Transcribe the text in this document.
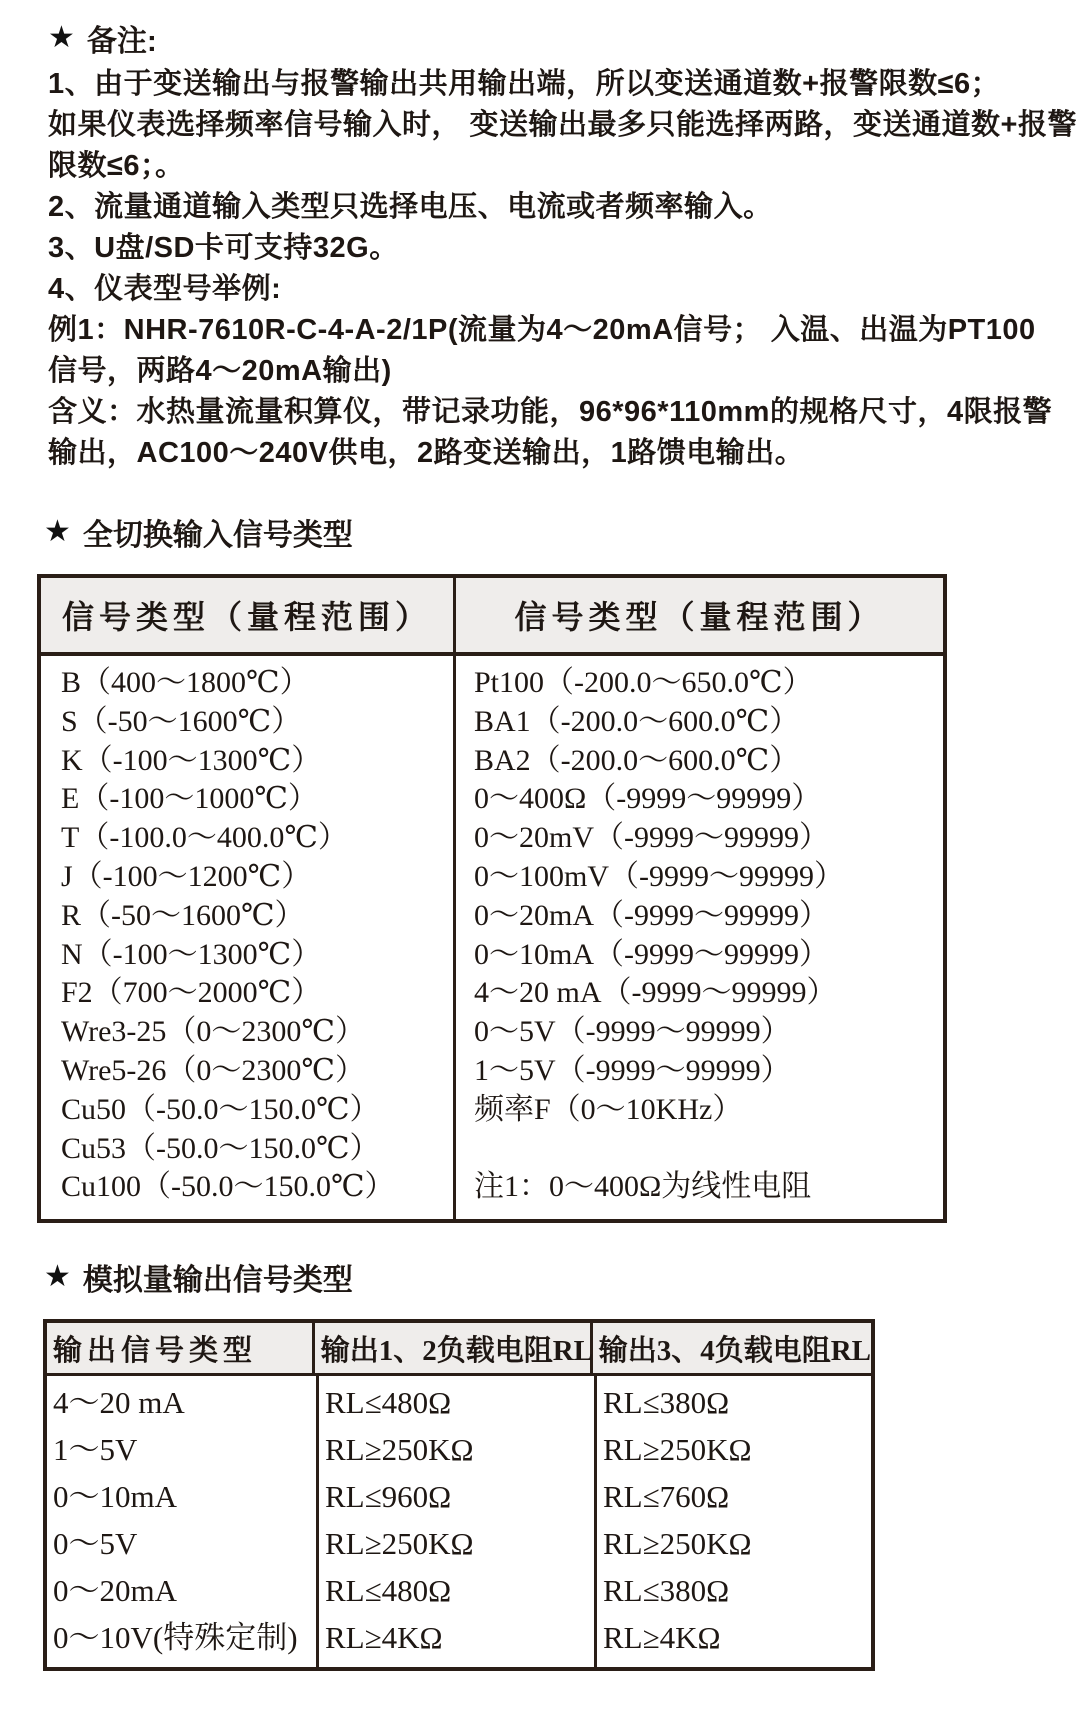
★ 备注:

1、由于变送输出与报警输出共用输出端，所以变送通道数+报警限数≤6；

如果仪表选择频率信号输入时， 变送输出最多只能选择两路，变送通道数+报警

限数≤6；。

2、流量通道输入类型只选择电压、电流或者频率输入。

3、U盘/SD卡可支持32G。

4、仪表型号举例:

例1：NHR-7610R-C-4-A-2/1P(流量为4～20mA信号； 入温、出温为PT100

信号，两路4～20mA输出)

含义：水热量流量积算仪，带记录功能，96*96*110mm的规格尺寸，4限报警

输出，AC100～240V供电，2路变送输出，1路馈电输出。

★ 全切换输入信号类型
信号类型（量程范围）	信号类型（量程范围）
B（400～1800℃）
S（-50～1600℃）
K（-100～1300℃）
E（-100～1000℃）
T（-100.0～400.0℃）
J（-100～1200℃）
R（-50～1600℃）
N（-100～1300℃）
F2（700～2000℃）
Wre3-25（0～2300℃）
Wre5-26（0～2300℃）
Cu50（-50.0～150.0℃）
Cu53（-50.0～150.0℃）
Cu100（-50.0～150.0℃）
Pt100（-200.0～650.0℃）
BA1（-200.0～600.0℃）
BA2（-200.0～600.0℃）
0～400Ω（-9999～99999）
0～20mV（-9999～99999）
0～100mV（-9999～99999）
0～20mA（-9999～99999）
0～10mA（-9999～99999）
4～20 mA（-9999～99999）
0～5V（-9999～99999）
1～5V（-9999～99999）
频率F（0～10KHz）
注1：0～400Ω为线性电阻
★ 模拟量输出信号类型
输出信号类型	输出1、2负载电阻RL 输出3、4负载电阻RL
4～20 mA
1～5V
0～10mA
0～5V
0～20mA
0～10V(特殊定制)
RL≤480Ω
RL≥250KΩ
RL≤960Ω
RL≥250KΩ
RL≤480Ω
RL≥4KΩ
RL≤380Ω
RL≥250KΩ
RL≤760Ω
RL≥250KΩ
RL≤380Ω
RL≥4KΩ
